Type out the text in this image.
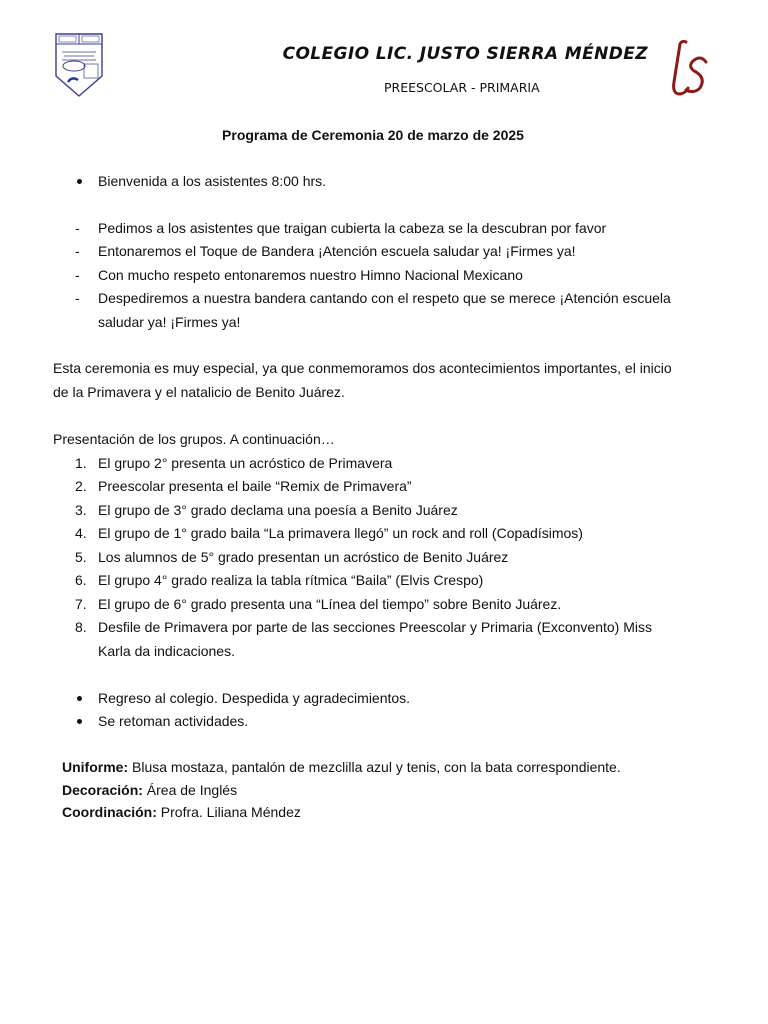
COLEGIO LIC. JUSTO SIERRA MÉNDEZ
PREESCOLAR - PRIMARIA
Programa de Ceremonia 20 de marzo de 2025
Bienvenida a los asistentes 8:00 hrs.
-	Pedimos a los asistentes que traigan cubierta la cabeza se la descubran por favor
-	Entonaremos el Toque de Bandera ¡Atención escuela saludar ya! ¡Firmes ya!
-	Con mucho respeto entonaremos nuestro Himno Nacional Mexicano
-	Despediremos a nuestra bandera cantando con el respeto que se merece ¡Atención escuela saludar ya! ¡Firmes ya!
Esta ceremonia es muy especial, ya que conmemoramos dos acontecimientos importantes, el inicio de la Primavera y el natalicio de Benito Juárez.
Presentación de los grupos. A continuación…
1. El grupo 2° presenta un acróstico de Primavera
2. Preescolar presenta el baile “Remix de Primavera”
3. El grupo de 3° grado declama una poesía a Benito Juárez
4. El grupo de 1° grado baila “La primavera llegó” un rock and roll (Copadísimos)
5. Los alumnos de 5° grado presentan un acróstico de Benito Juárez
6. El grupo 4° grado realiza la tabla rítmica “Baila” (Elvis Crespo)
7. El grupo de 6° grado presenta una “Línea del tiempo” sobre Benito Juárez.
8. Desfile de Primavera por parte de las secciones Preescolar y Primaria (Exconvento) Miss Karla da indicaciones.
Regreso al colegio. Despedida y agradecimientos.
Se retoman actividades.
Uniforme: Blusa mostaza, pantalón de mezclilla azul y tenis, con la bata correspondiente.
Decoración: Área de Inglés
Coordinación: Profra. Liliana Méndez
